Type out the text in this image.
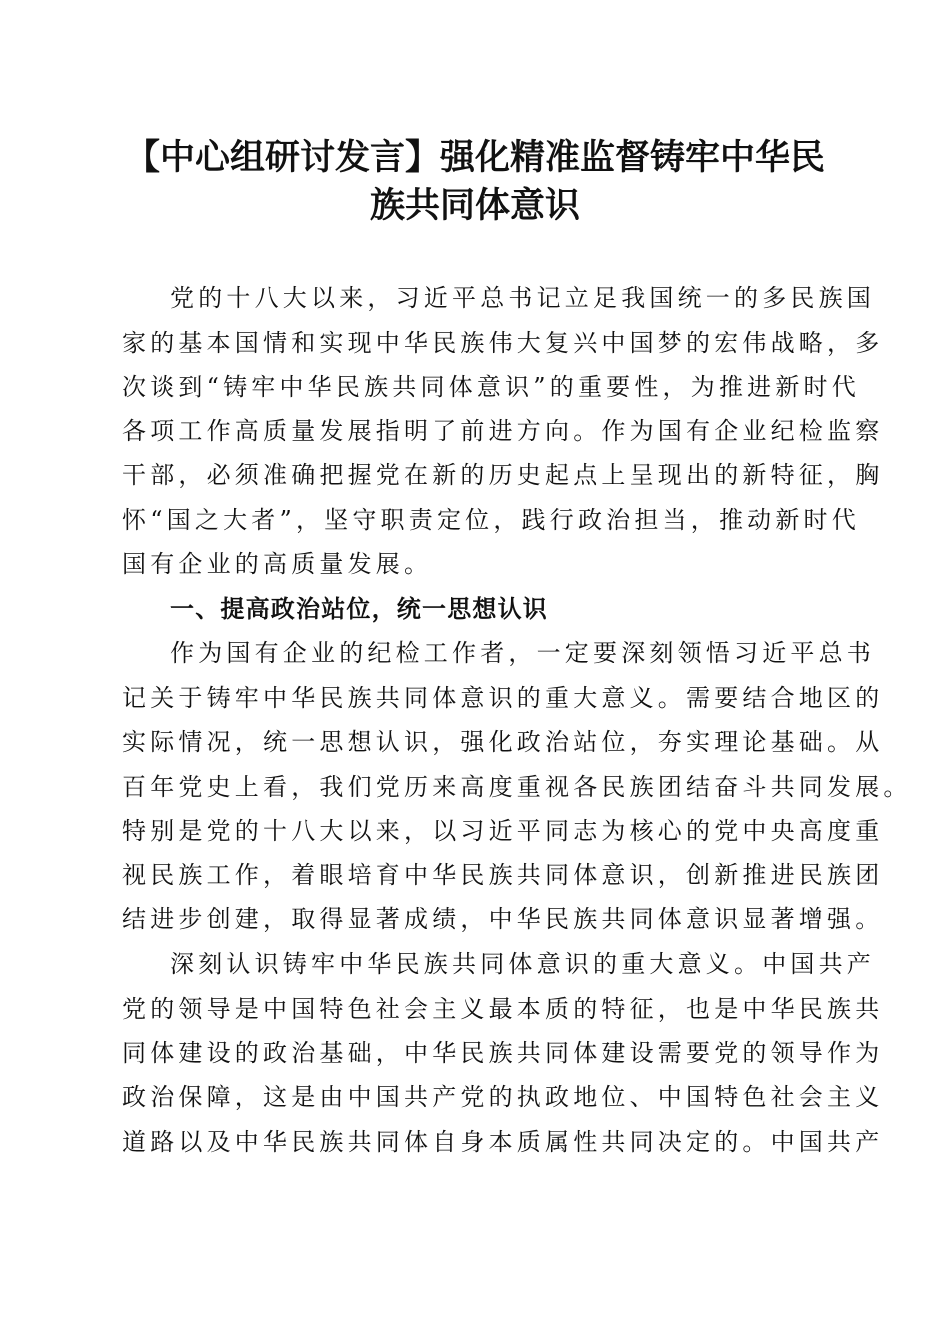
【中心组研讨发言】强化精准监督铸牢中华民
族共同体意识
党的十八大以来，习近平总书记立足我国统一的多民族国
家的基本国情和实现中华民族伟大复兴中国梦的宏伟战略，多
次谈到“铸牢中华民族共同体意识”的重要性，为推进新时代
各项工作高质量发展指明了前进方向。作为国有企业纪检监察
干部，必须准确把握党在新的历史起点上呈现出的新特征，胸
怀“国之大者”，坚守职责定位，践行政治担当，推动新时代
国有企业的高质量发展。
一、提高政治站位，统一思想认识
作为国有企业的纪检工作者，一定要深刻领悟习近平总书
记关于铸牢中华民族共同体意识的重大意义。需要结合地区的
实际情况，统一思想认识，强化政治站位，夯实理论基础。从
百年党史上看，我们党历来高度重视各民族团结奋斗共同发展。
特别是党的十八大以来，以习近平同志为核心的党中央高度重
视民族工作，着眼培育中华民族共同体意识，创新推进民族团
结进步创建，取得显著成绩，中华民族共同体意识显著增强。
深刻认识铸牢中华民族共同体意识的重大意义。中国共产
党的领导是中国特色社会主义最本质的特征，也是中华民族共
同体建设的政治基础，中华民族共同体建设需要党的领导作为
政治保障，这是由中国共产党的执政地位、中国特色社会主义
道路以及中华民族共同体自身本质属性共同决定的。中国共产
